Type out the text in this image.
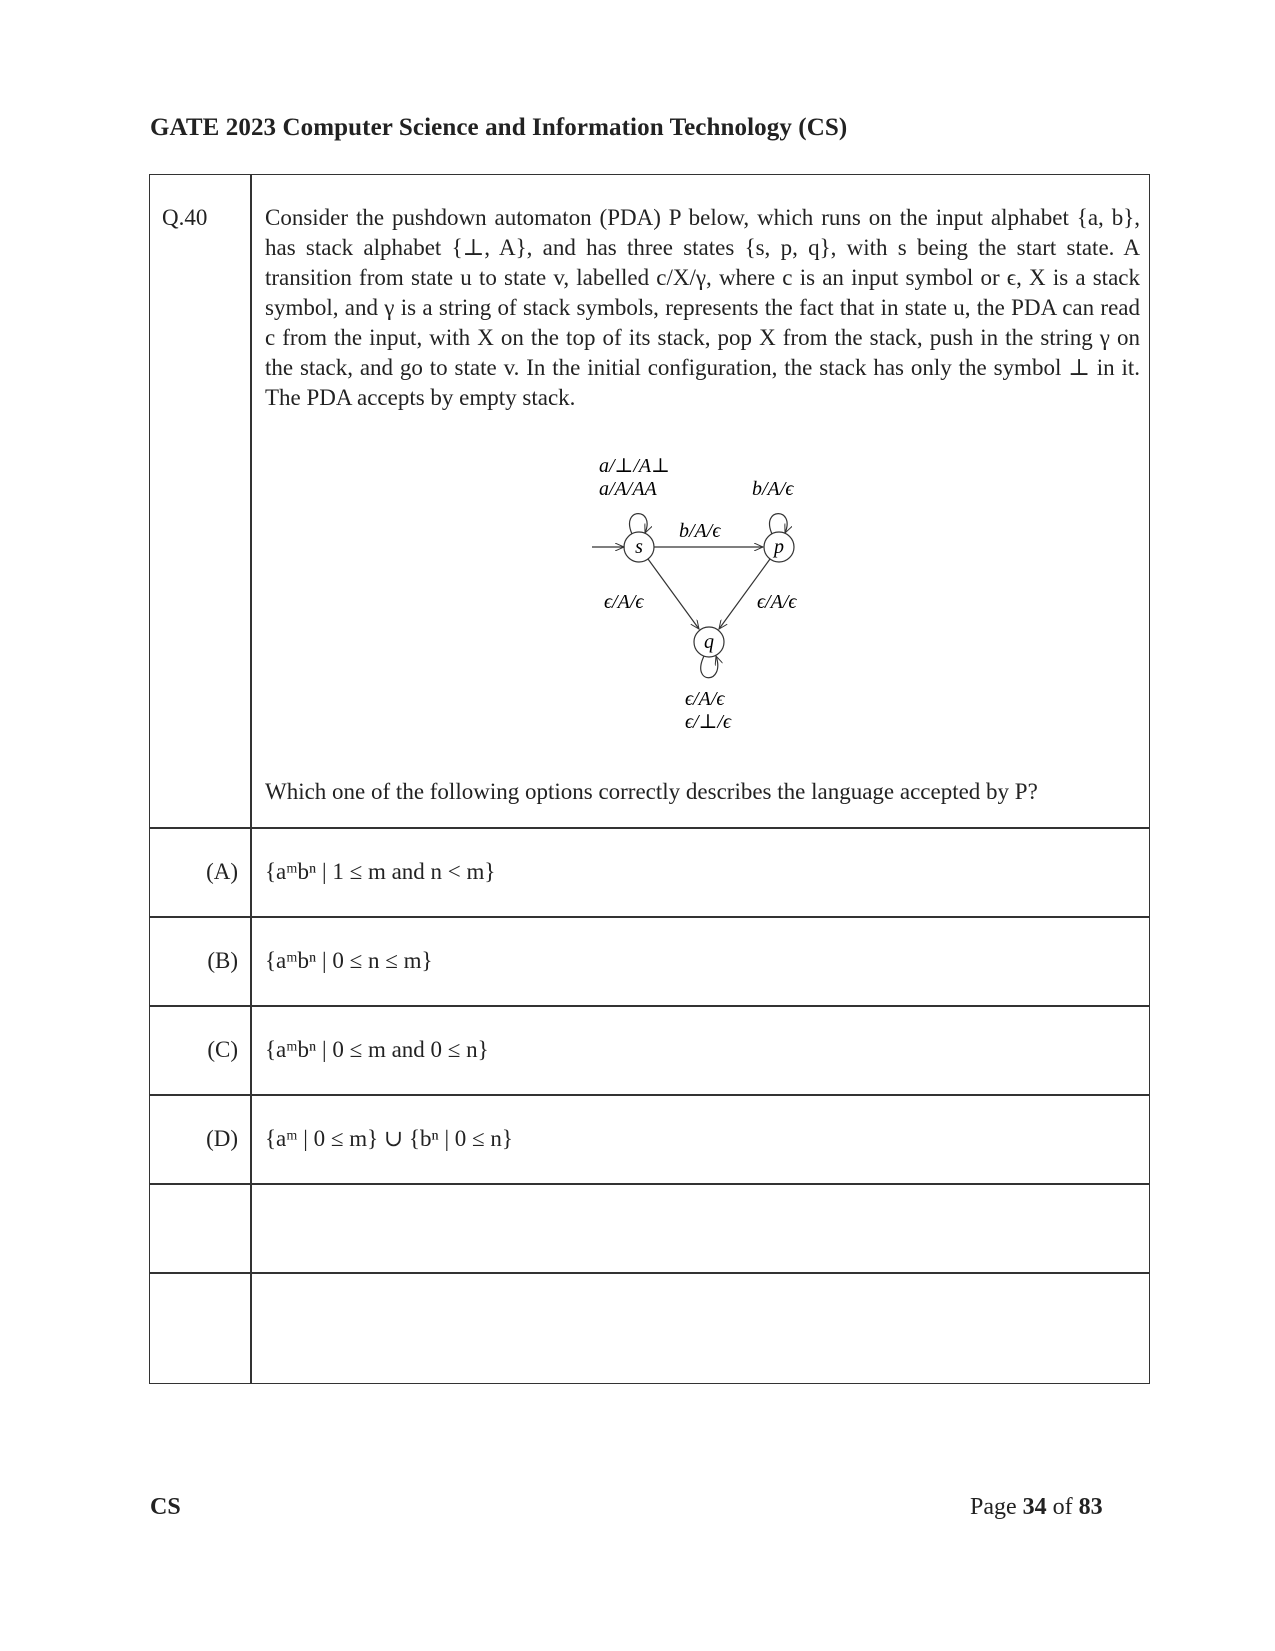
GATE 2023 Computer Science and Information Technology (CS)
Q.40	Consider the pushdown automaton (PDA) P below, which runs on the input alphabet {a, b}, has stack alphabet {⊥, A}, and has three states {s, p, q}, with s being the start state. A transition from state u to state v, labelled c/X/γ, where c is an input symbol or ϵ, X is a stack symbol, and γ is a string of stack symbols, represents the fact that in state u, the PDA can read c from the input, with X on the top of its stack, pop X from the stack, push in the string γ on the stack, and go to state v. In the initial configuration, the stack has only the symbol ⊥ in it. The PDA accepts by empty stack.

s	p
q
a/⊥/A⊥
a/A/AA	b/A/ϵ
b/A/ϵ
ϵ/A/ϵ	ϵ/A/ϵ
ϵ/A/ϵ
ϵ/⊥/ϵ
Which one of the following options correctly describes the language accepted by P?
(A) {aᵐbⁿ | 1 ≤ m and n < m}
(B) {aᵐbⁿ | 0 ≤ n ≤ m}
(C) {aᵐbⁿ | 0 ≤ m and 0 ≤ n}
(D) {aᵐ | 0 ≤ m} ∪ {bⁿ | 0 ≤ n}
CS	Page 34 of 83
